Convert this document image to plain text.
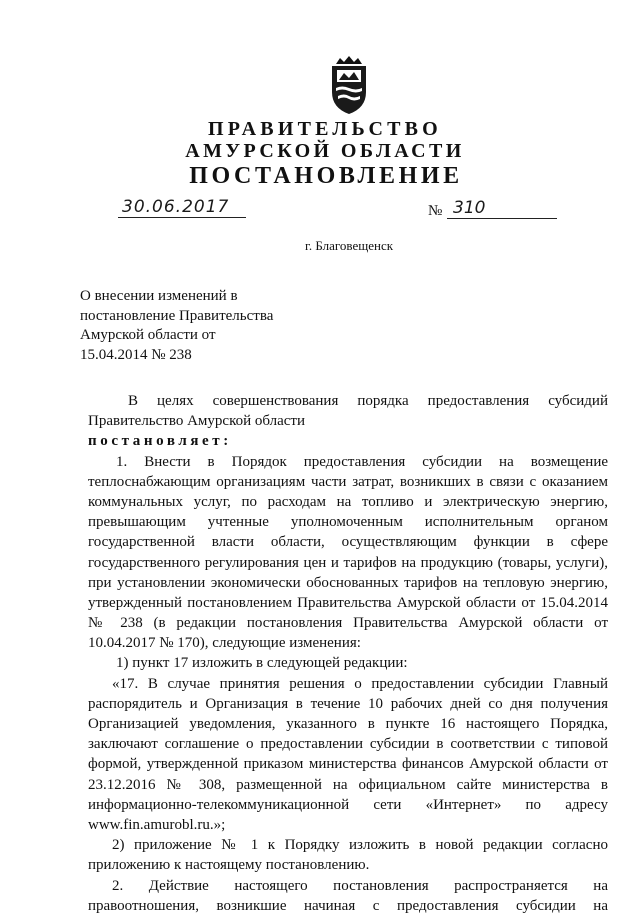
ПРАВИТЕЛЬСТВО
АМУРСКОЙ ОБЛАСТИ
ПОСТАНОВЛЕНИЕ
30.06.2017	№ 310
г. Благовещенск
О внесении изменений в
постановление Правительства
Амурской области от
15.04.2014 № 238
В целях совершенствования порядка предоставления субсидий
Правительство Амурской области
постановляет:
1. Внести в Порядок предоставления субсидии на возмещение
теплоснабжающим организациям части затрат, возникших в связи с оказанием
коммунальных услуг, по расходам на топливо и электрическую энергию,
превышающим учтенные уполномоченным исполнительным органом
государственной власти области, осуществляющим функции в сфере
государственного регулирования цен и тарифов на продукцию (товары, услуги),
при установлении экономически обоснованных тарифов на тепловую энергию,
утвержденный постановлением Правительства Амурской области от 15.04.2014
№ 238 (в редакции постановления Правительства Амурской области от
10.04.2017 № 170), следующие изменения:
1) пункт 17 изложить в следующей редакции:
«17. В случае принятия решения о предоставлении субсидии Главный
распорядитель и Организация в течение 10 рабочих дней со дня получения
Организацией уведомления, указанного в пункте 16 настоящего Порядка,
заключают соглашение о предоставлении субсидии в соответствии с типовой
формой, утвержденной приказом министерства финансов Амурской области от
23.12.2016 № 308, размещенной на официальном сайте министерства в
информационно-телекоммуникационной сети «Интернет» по адресу
www.fin.amurobl.ru.»;
2) приложение № 1 к Порядку изложить в новой редакции согласно
приложению к настоящему постановлению.
2. Действие настоящего постановления распространяется на
правоотношения, возникшие начиная с предоставления субсидии на
